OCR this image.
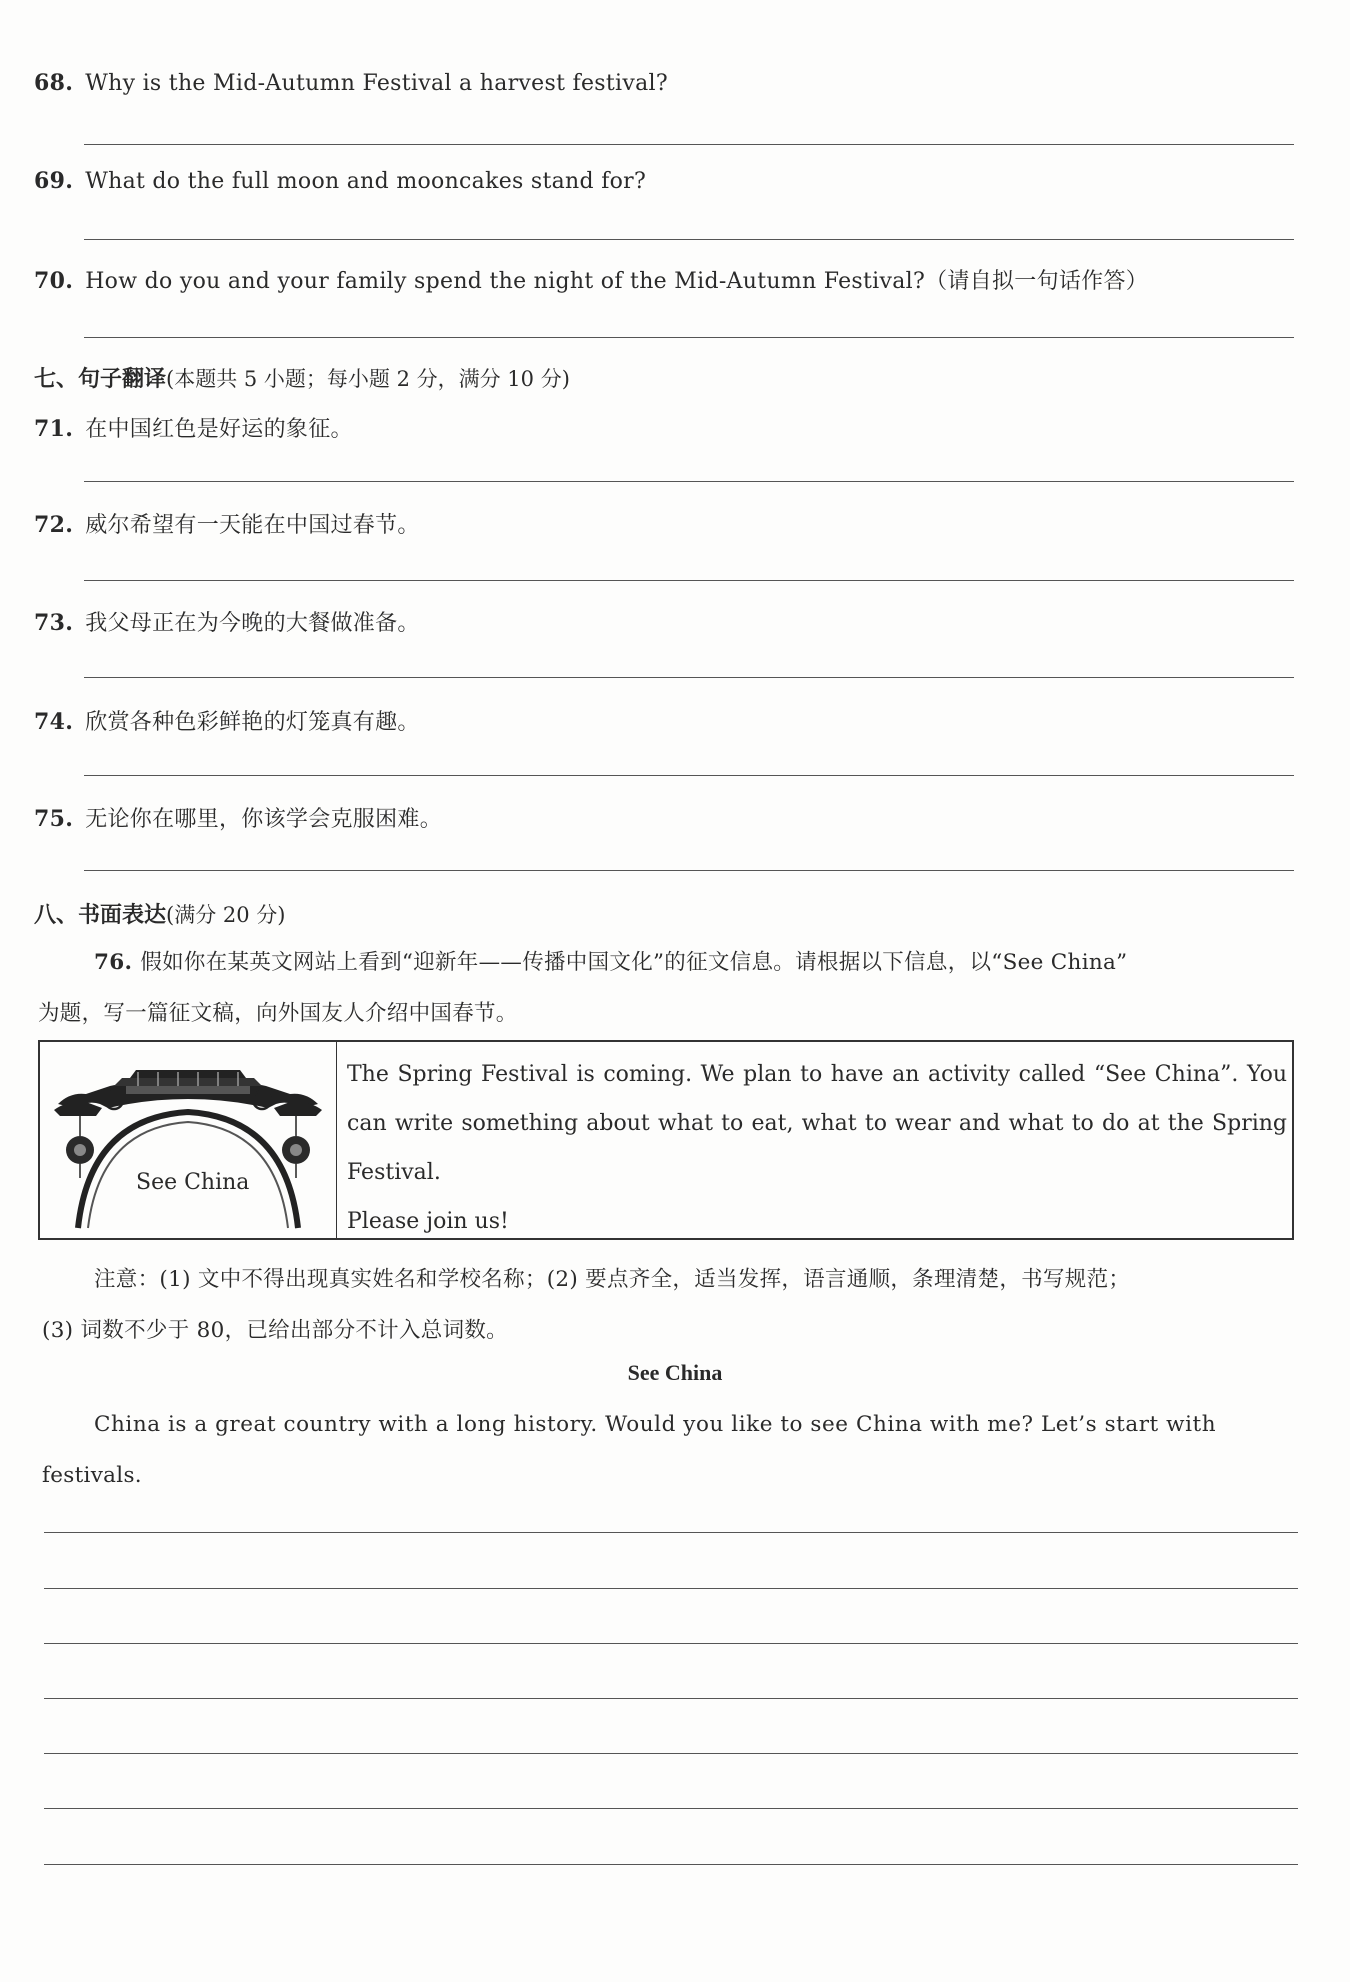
68. Why is the Mid-Autumn Festival a harvest festival?
69. What do the full moon and mooncakes stand for?
70. How do you and your family spend the night of the Mid-Autumn Festival?（请自拟一句话作答）
七、句子翻译(本题共 5 小题；每小题 2 分，满分 10 分)
71. 在中国红色是好运的象征。
72. 威尔希望有一天能在中国过春节。
73. 我父母正在为今晚的大餐做准备。
74. 欣赏各种色彩鲜艳的灯笼真有趣。
75. 无论你在哪里，你该学会克服困难。
八、书面表达(满分 20 分)
76. 假如你在某英文网站上看到“迎新年——传播中国文化”的征文信息。请根据以下信息，以“See China”
为题，写一篇征文稿，向外国友人介绍中国春节。
See China
The Spring Festival is coming. We plan to have an activity called “See China”. You can write something about what to eat, what to wear and what to do at the Spring Festival.
Please join us!
注意：(1) 文中不得出现真实姓名和学校名称；(2) 要点齐全，适当发挥，语言通顺，条理清楚，书写规范；
(3) 词数不少于 80，已给出部分不计入总词数。
See China
China is a great country with a long history. Would you like to see China with me? Let’s start with
festivals.
